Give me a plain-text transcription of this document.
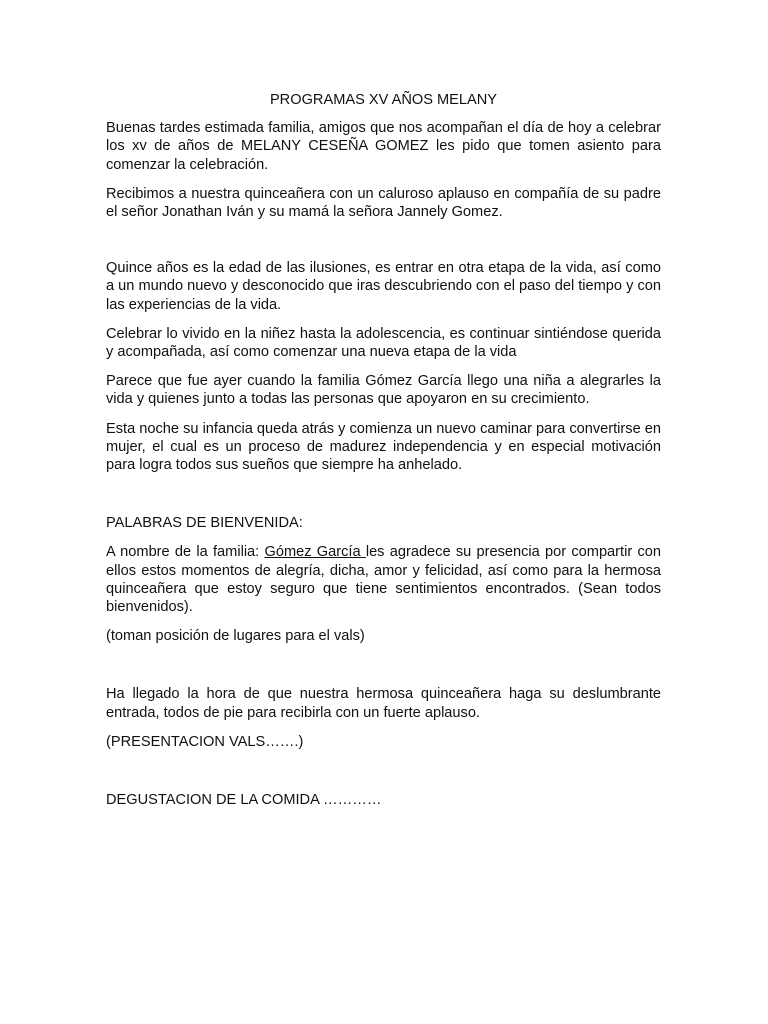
PROGRAMAS XV AÑOS MELANY

Buenas tardes estimada familia, amigos que nos acompañan el día de hoy a celebrar los xv de años de MELANY CESEÑA GOMEZ les pido que tomen asiento para comenzar la celebración.

Recibimos a nuestra quinceañera con un caluroso aplauso en compañía de su padre el señor Jonathan Iván y su mamá la señora Jannely Gomez.

Quince años es la edad de las ilusiones, es entrar en otra etapa de la vida, así como a un mundo nuevo y desconocido que iras descubriendo con el paso del tiempo y con las experiencias de la vida.

Celebrar lo vivido en la niñez hasta la adolescencia, es continuar sintiéndose querida y acompañada, así como comenzar una nueva etapa de la vida

Parece que fue ayer cuando la familia Gómez García llego una niña a alegrarles la vida y quienes junto a todas las personas que apoyaron en su crecimiento.

Esta noche su infancia queda atrás y comienza un nuevo caminar para convertirse en mujer, el cual es un proceso de madurez independencia y en especial motivación para logra todos sus sueños que siempre ha anhelado.

PALABRAS DE BIENVENIDA:

A nombre de la familia: Gómez García les agradece su presencia por compartir con ellos estos momentos de alegría, dicha, amor y felicidad, así como para la hermosa quinceañera que estoy seguro que tiene sentimientos encontrados. (Sean todos bienvenidos).

(toman posición de lugares para el vals)

Ha llegado la hora de que nuestra hermosa quinceañera haga su deslumbrante entrada, todos de pie para recibirla con un fuerte aplauso.

(PRESENTACION VALS…….)

DEGUSTACION DE LA COMIDA …………
